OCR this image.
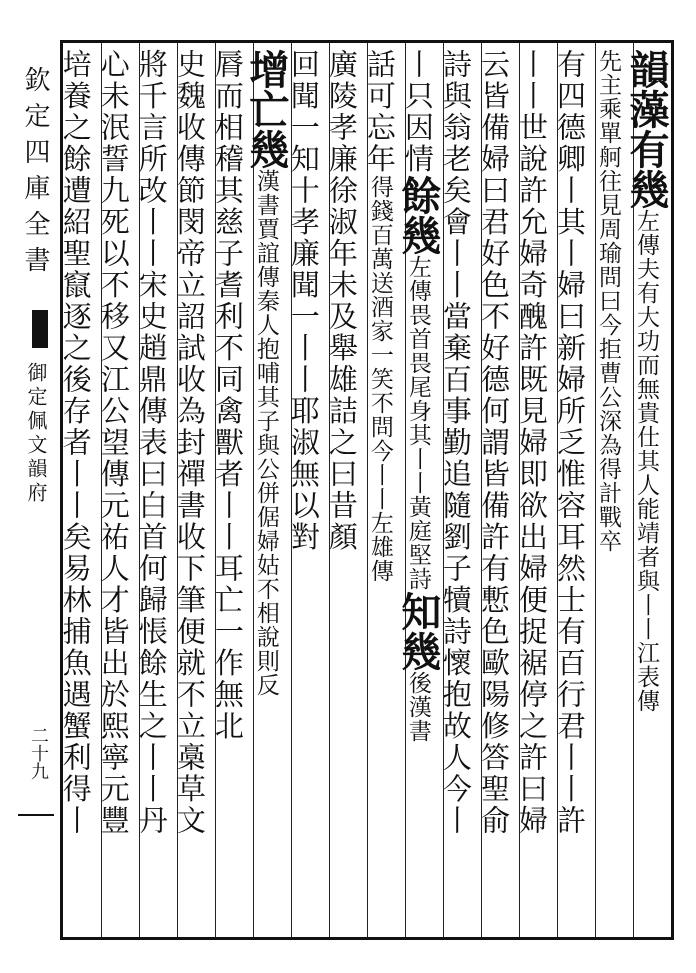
欽定四庫全書
御定佩文韻府
二十九
韻藻有幾左傳夫有大功而無貴仕其人能靖者與丨丨江表傳
先主乘單舸往見周瑜問曰今拒曹公深為得計戰卒
有四德卿丨其丨婦曰新婦所乏惟容耳然士有百行君丨丨許
丨丨世說許允婦奇醜許既見婦即欲出婦便捉裾停之許曰婦
云皆備婦曰君好色不好德何謂皆備許有慙色歐陽修答聖俞
詩與翁老矣會丨丨當棄百事勤追隨劉子犢詩懷抱故人今丨
丨只因情餘幾左傳畏首畏尾身其丨丨黃庭堅詩知幾後漢書
話可忘年得錢百萬送酒家一笑不問今丨丨左雄傳
廣陵孝廉徐淑年未及舉雄詰之曰昔顏
回聞一知十孝廉聞一丨丨耶淑無以對
增亡幾漢書賈誼傳秦人抱哺其子與公併倨婦姑不相說則反
脣而相稽其慈子耆利不同禽獸者丨丨耳亡一作無北
史魏收傳節閔帝立詔試收為封禪書收下筆便就不立槀草文
將千言所改丨丨宋史趙鼎傳表曰白首何歸悵餘生之丨丨丹
心未泯誓九死以不移又江公望傳元祐人才皆出於熙寧元豐
培養之餘遭紹聖竄逐之後存者丨丨矣易林捕魚遇蟹利得丨
